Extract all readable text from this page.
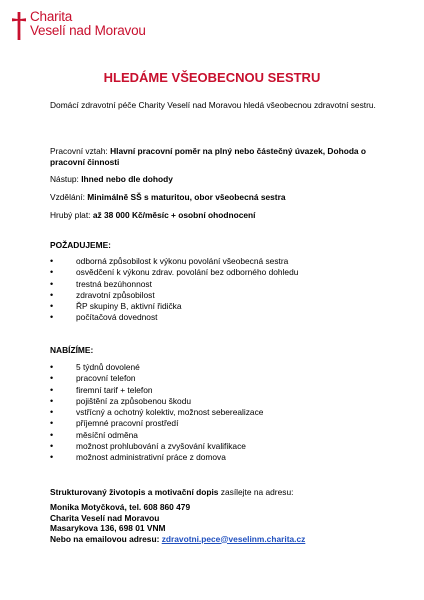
Charita
Veselí nad Moravou
HLEDÁME VŠEOBECNOU SESTRU

Domácí zdravotní péče Charity Veselí nad Moravou hledá všeobecnou zdravotní sestru.

Pracovní vztah: Hlavní pracovní poměr na plný nebo částečný úvazek, Dohoda o pracovní činnosti
Nástup: Ihned nebo dle dohody
Vzdělání: Minimálně SŠ s maturitou, obor všeobecná sestra
Hrubý plat: až 38 000 Kč/měsíc + osobní ohodnocení
POŽADUJEME:
• odborná způsobilost k výkonu povolání všeobecná sestra
• osvědčení k výkonu zdrav. povolání bez odborného dohledu
• trestná bezúhonnost
• zdravotní způsobilost
• ŘP skupiny B, aktivní řidička
• počítačová dovednost
NABÍZÍME:
• 5 týdnů dovolené
• pracovní telefon
• firemní tarif + telefon
• pojištění za způsobenou škodu
• vstřícný a ochotný kolektiv, možnost seberealizace
• příjemné pracovní prostředí
• měsíční odměna
• možnost prohlubování a zvyšování kvalifikace
• možnost administrativní práce z domova
Strukturovaný životopis a motivační dopis zasílejte na adresu:
Monika Motyčková, tel. 608 860 479
Charita Veselí nad Moravou
Masarykova 136, 698 01 VNM
Nebo na emailovou adresu: zdravotni.pece@veselinm.charita.cz
